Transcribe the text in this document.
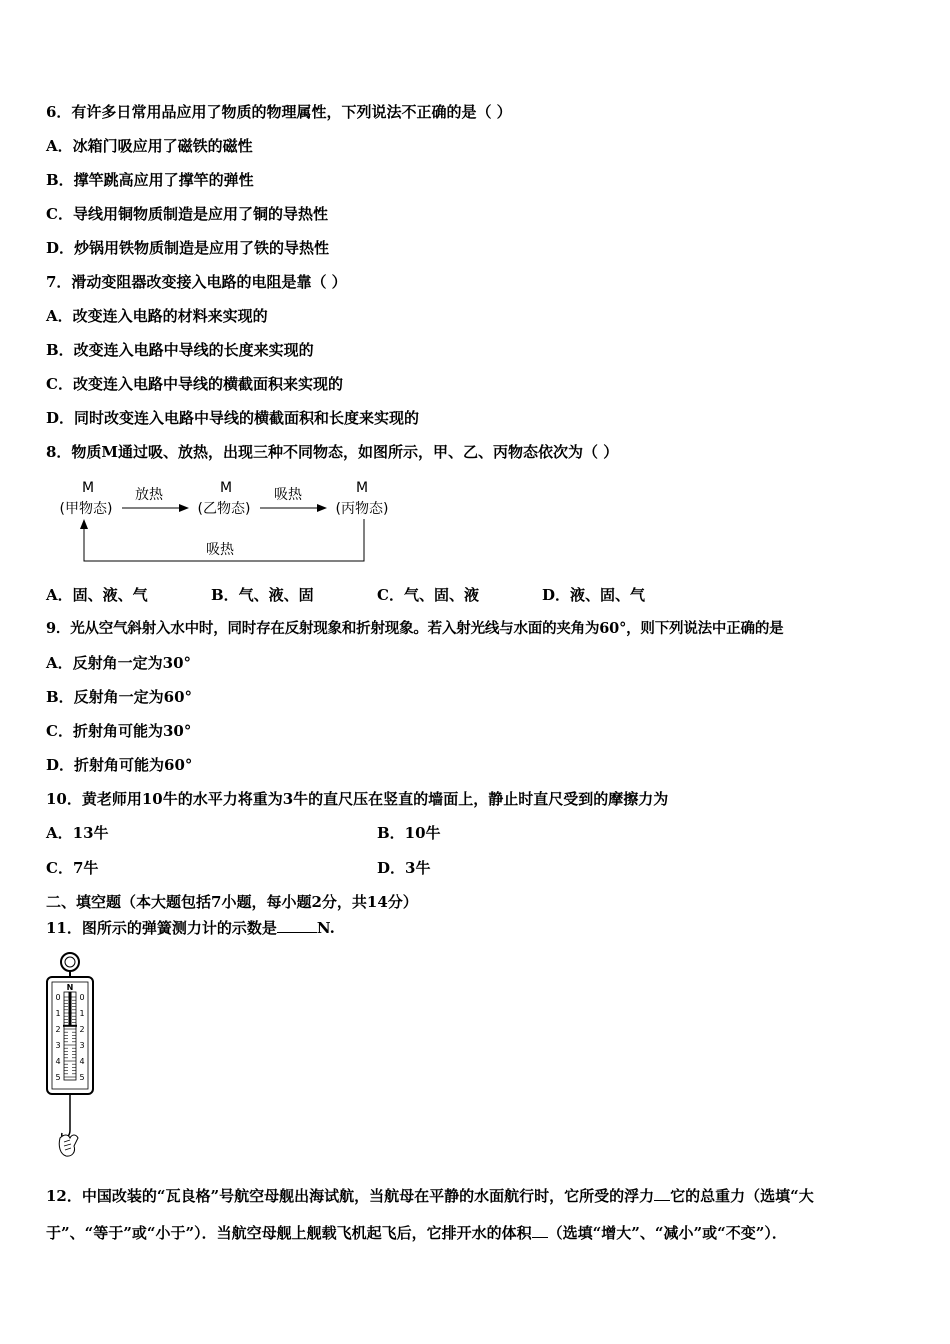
6．有许多日常用品应用了物质的物理属性，下列说法不正确的是（ ）
A．冰箱门吸应用了磁铁的磁性
B．撑竿跳高应用了撑竿的弹性
C．导线用铜物质制造是应用了铜的导热性
D．炒锅用铁物质制造是应用了铁的导热性
7．滑动变阻器改变接入电路的电阻是靠（ ）
A．改变连入电路的材料来实现的
B．改变连入电路中导线的长度来实现的
C．改变连入电路中导线的横截面积来实现的
D．同时改变连入电路中导线的横截面积和长度来实现的
8．物质M通过吸、放热，出现三种不同物态，如图所示，甲、乙、丙物态依次为（ ）
M
(甲物态)
M
(乙物态)
M
(丙物态)
放热	吸热
吸热
A．固、液、气	B．气、液、固	C．气、固、液	D．液、固、气
9．光从空气斜射入水中时，同时存在反射现象和折射现象。若入射光线与水面的夹角为60°，则下列说法中正确的是
A．反射角一定为30°
B．反射角一定为60°
C．折射角可能为30°
D．折射角可能为60°
10．黄老师用10牛的水平力将重为3牛的直尺压在竖直的墙面上，静止时直尺受到的摩擦力为
A．13牛	B．10牛
C．7牛	D．3牛
二、填空题（本大题包括7小题，每小题2分，共14分）
11．图所示的弹簧测力计的示数是	N.
N
0
1
2
3
4
5
0
1
2
3
4
5
12．中国改装的“瓦良格”号航空母舰出海试航，当航母在平静的水面航行时，它所受的浮力 它的总重力（选填“大
于”、“等于”或“小于”）．当航空母舰上舰载飞机起飞后，它排开水的体积 （选填“增大”、“减小”或“不变”）．
